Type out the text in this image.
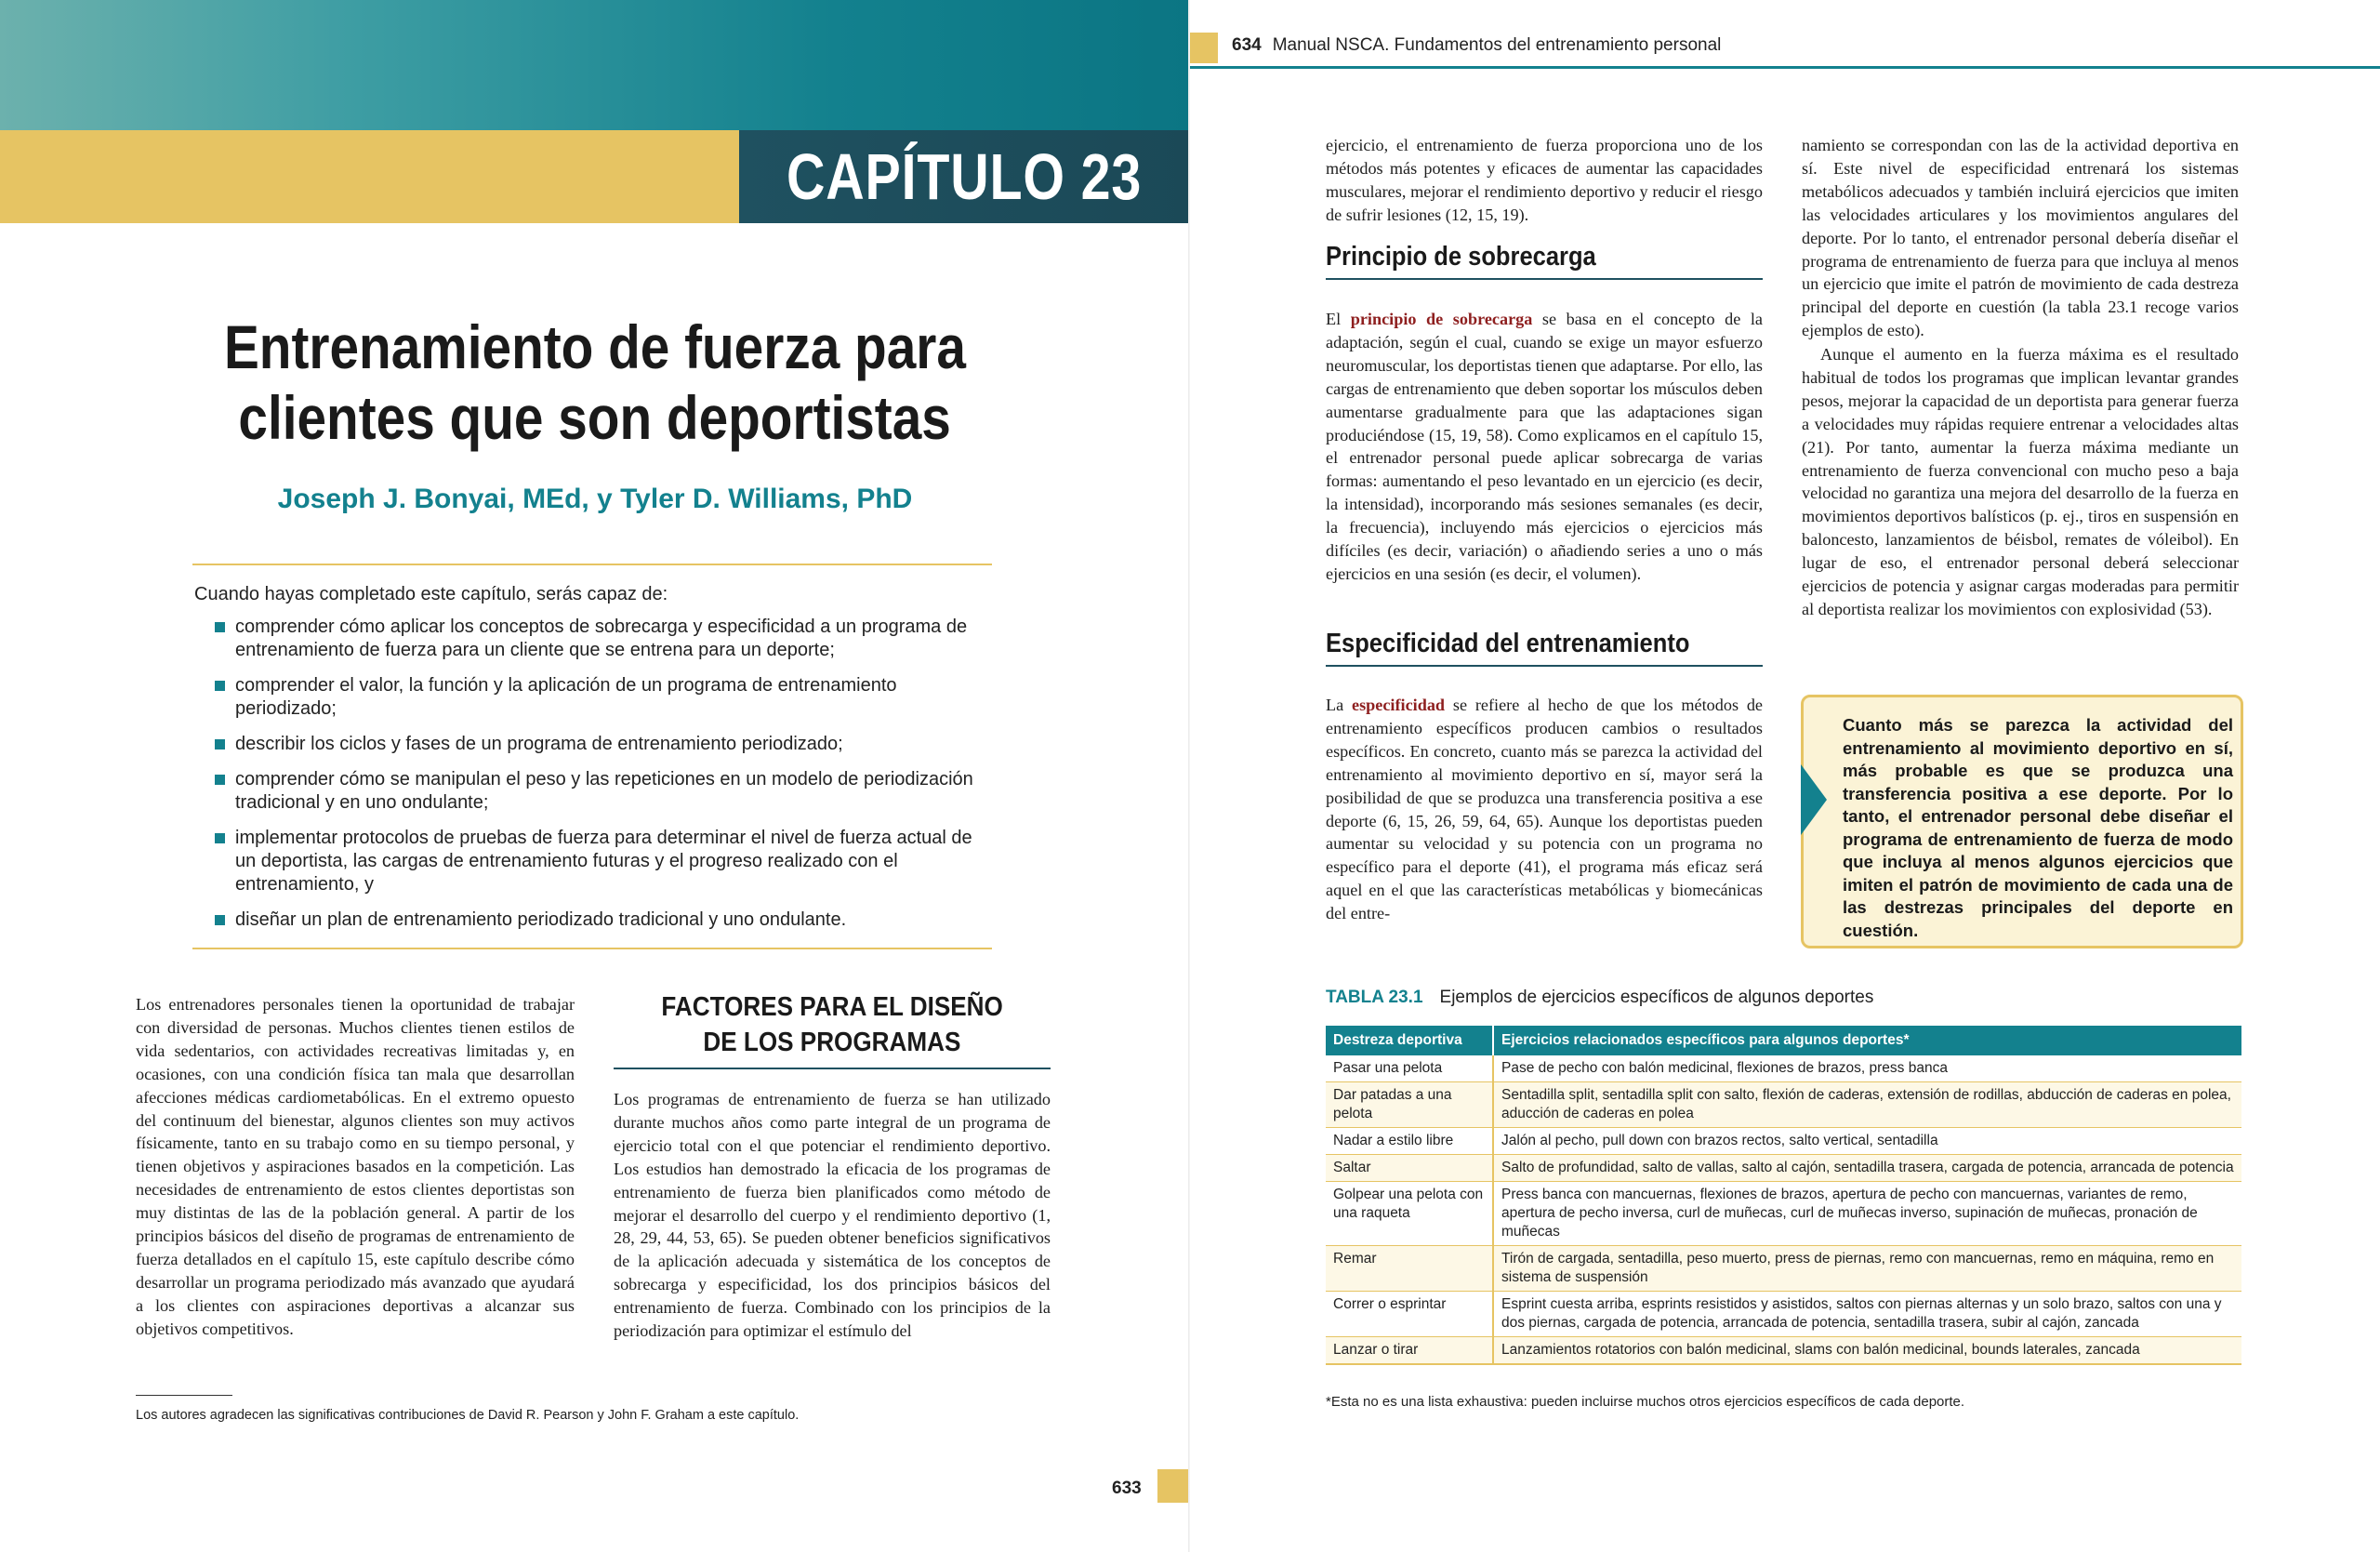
CAPÍTULO 23
Entrenamiento de fuerza para
clientes que son deportistas
Joseph J. Bonyai, MEd, y Tyler D. Williams, PhD

Cuando hayas completado este capítulo, serás capaz de:

comprender cómo aplicar los conceptos de sobrecarga y especificidad a un programa de entrenamiento de fuerza para un cliente que se entrena para un deporte;
comprender el valor, la función y la aplicación de un programa de entrenamiento periodizado;
describir los ciclos y fases de un programa de entrenamiento periodizado;
comprender cómo se manipulan el peso y las repeticiones en un modelo de periodización tradicional y en uno ondulante;
implementar protocolos de pruebas de fuerza para determinar el nivel de fuerza actual de un deportista, las cargas de entrenamiento futuras y el progreso realizado con el entrenamiento, y
diseñar un plan de entrenamiento periodizado tradicional y uno ondulante.

Los entrenadores personales tienen la oportunidad de trabajar con diversidad de personas. Muchos clientes tienen estilos de vida sedentarios, con actividades recreativas limitadas y, en ocasiones, con una condición física tan mala que desarrollan afecciones médicas cardiometabólicas. En el extremo opuesto del continuum del bienestar, algunos clientes son muy activos físicamente, tanto en su trabajo como en su tiempo personal, y tienen objetivos y aspiraciones basados en la competición. Las necesidades de entrenamiento de estos clientes deportistas son muy distintas de las de la población general. A partir de los principios básicos del diseño de programas de entrenamiento de fuerza detallados en el capítulo 15, este capítulo describe cómo desarrollar un programa periodizado más avanzado que ayudará a los clientes con aspiraciones deportivas a alcanzar sus objetivos competitivos.

FACTORES PARA EL DISEÑO
DE LOS PROGRAMAS

Los programas de entrenamiento de fuerza se han utilizado durante muchos años como parte integral de un programa de ejercicio total con el que potenciar el rendimiento deportivo. Los estudios han demostrado la eficacia de los programas de entrenamiento de fuerza bien planificados como método de mejorar el desarrollo del cuerpo y el rendimiento deportivo (1, 28, 29, 44, 53, 65). Se pueden obtener beneficios significativos de la aplicación adecuada y sistemática de los conceptos de sobrecarga y especificidad, los dos principios básicos del entrenamiento de fuerza. Combinado con los principios de la periodización para optimizar el estímulo del

Los autores agradecen las significativas contribuciones de David R. Pearson y John F. Graham a este capítulo.

633
634 Manual NSCA. Fundamentos del entrenamiento personal

ejercicio, el entrenamiento de fuerza proporciona uno de los métodos más potentes y eficaces de aumentar las capacidades musculares, mejorar el rendimiento deportivo y reducir el riesgo de sufrir lesiones (12, 15, 19).

Principio de sobrecarga

El principio de sobrecarga se basa en el concepto de la adaptación, según el cual, cuando se exige un mayor esfuerzo neuromuscular, los deportistas tienen que adaptarse. Por ello, las cargas de entrenamiento que deben soportar los músculos deben aumentarse gradualmente para que las adaptaciones sigan produciéndose (15, 19, 58). Como explicamos en el capítulo 15, el entrenador personal puede aplicar sobrecarga de varias formas: aumentando el peso levantado en un ejercicio (es decir, la intensidad), incorporando más sesiones semanales (es decir, la frecuencia), incluyendo más ejercicios o ejercicios más difíciles (es decir, variación) o añadiendo series a uno o más ejercicios en una sesión (es decir, el volumen).

Especificidad del entrenamiento

La especificidad se refiere al hecho de que los métodos de entrenamiento específicos producen cambios o resultados específicos. En concreto, cuanto más se parezca la actividad del entrenamiento al movimiento deportivo en sí, mayor será la posibilidad de que se produzca una transferencia positiva a ese deporte (6, 15, 26, 59, 64, 65). Aunque los deportistas pueden aumentar su velocidad y su potencia con un programa no específico para el deporte (41), el programa más eficaz será aquel en el que las características metabólicas y biomecánicas del entre-

namiento se correspondan con las de la actividad deportiva en sí. Este nivel de especificidad entrenará los sistemas metabólicos adecuados y también incluirá ejercicios que imiten las velocidades articulares y los movimientos angulares del deporte. Por lo tanto, el entrenador personal debería diseñar el programa de entrenamiento de fuerza para que incluya al menos un ejercicio que imite el patrón de movimiento de cada destreza principal del deporte en cuestión (la tabla 23.1 recoge varios ejemplos de esto).

Aunque el aumento en la fuerza máxima es el resultado habitual de todos los programas que implican levantar grandes pesos, mejorar la capacidad de un deportista para generar fuerza a velocidades muy rápidas requiere entrenar a velocidades altas (21). Por tanto, aumentar la fuerza máxima mediante un entrenamiento de fuerza convencional con mucho peso a baja velocidad no garantiza una mejora del desarrollo de la fuerza en movimientos deportivos balísticos (p. ej., tiros en suspensión en baloncesto, lanzamientos de béisbol, remates de vóleibol). En lugar de eso, el entrenador personal deberá seleccionar ejercicios de potencia y asignar cargas moderadas para permitir al deportista realizar los movimientos con explosividad (53).

Cuanto más se parezca la actividad del entrenamiento al movimiento deportivo en sí, más probable es que se produzca una transferencia positiva a ese deporte. Por lo tanto, el entrenador personal debe diseñar el programa de entrenamiento de fuerza de modo que incluya al menos algunos ejercicios que imiten el patrón de movimiento de cada una de las destrezas principales del deporte en cuestión.

TABLA 23.1 Ejemplos de ejercicios específicos de algunos deportes
Destreza deportiva	Ejercicios relacionados específicos para algunos deportes*
Pasar una pelota	Pase de pecho con balón medicinal, flexiones de brazos, press banca
Dar patadas a una pelota	Sentadilla split, sentadilla split con salto, flexión de caderas, extensión de rodillas, abducción de caderas en polea, aducción de caderas en polea
Nadar a estilo libre	Jalón al pecho, pull down con brazos rectos, salto vertical, sentadilla
Saltar	Salto de profundidad, salto de vallas, salto al cajón, sentadilla trasera, cargada de potencia, arrancada de potencia
Golpear una pelota con una raqueta	Press banca con mancuernas, flexiones de brazos, apertura de pecho con mancuernas, variantes de remo, apertura de pecho inversa, curl de muñecas, curl de muñecas inverso, supinación de muñecas, pronación de muñecas
Remar	Tirón de cargada, sentadilla, peso muerto, press de piernas, remo con mancuernas, remo en máquina, remo en sistema de suspensión
Correr o esprintar	Esprint cuesta arriba, esprints resistidos y asistidos, saltos con piernas alternas y un solo brazo, saltos con una y dos piernas, cargada de potencia, arrancada de potencia, sentadilla trasera, subir al cajón, zancada
Lanzar o tirar	Lanzamientos rotatorios con balón medicinal, slams con balón medicinal, bounds laterales, zancada

*Esta no es una lista exhaustiva: pueden incluirse muchos otros ejercicios específicos de cada deporte.
